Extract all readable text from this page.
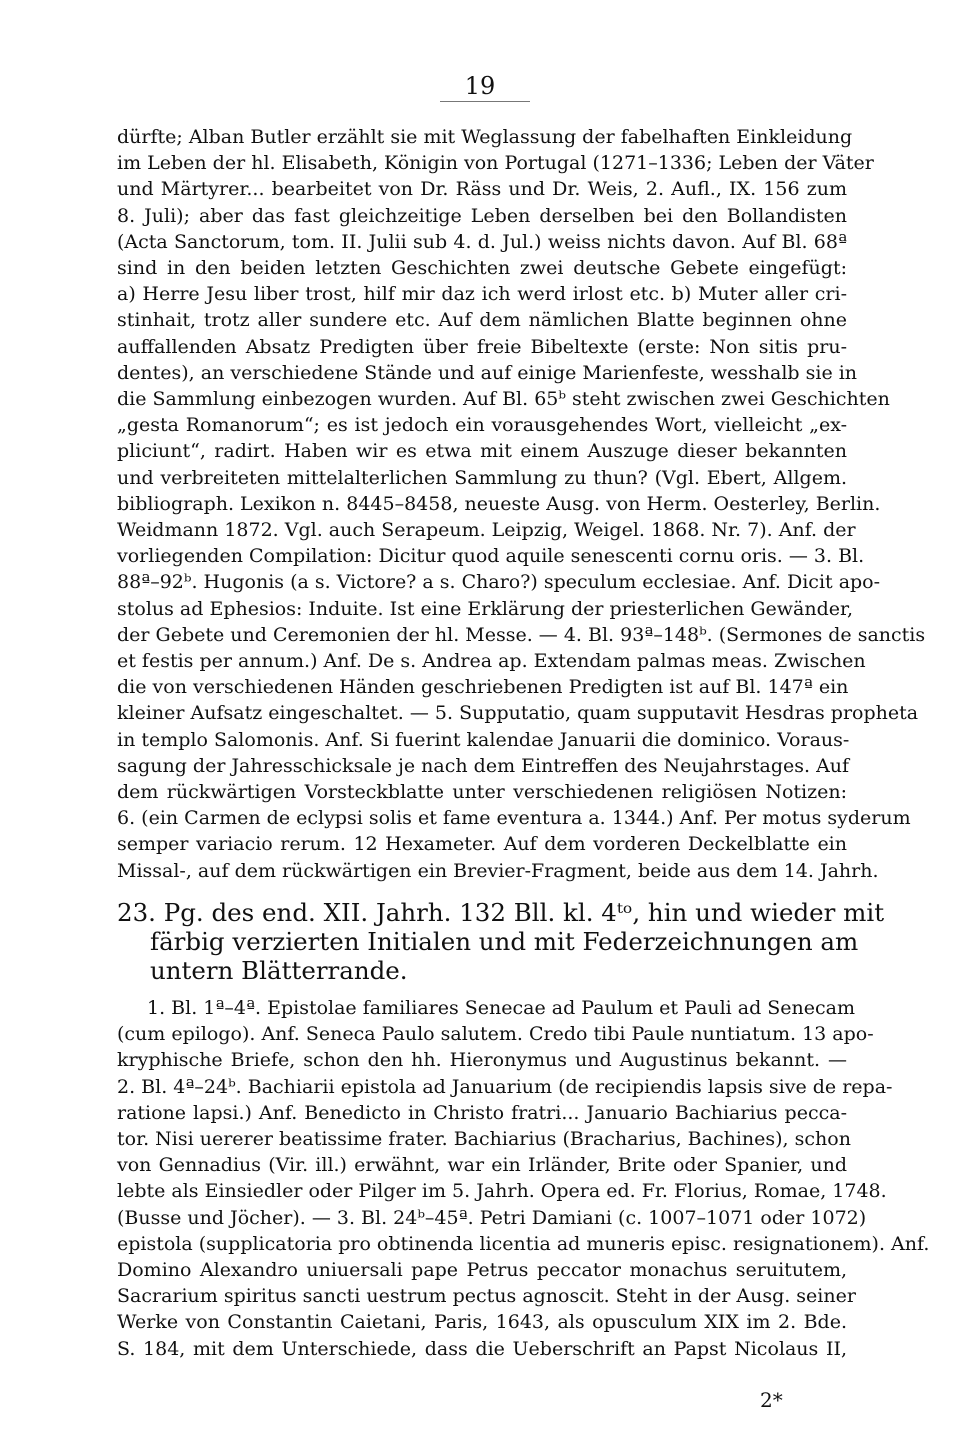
19
dürfte; Alban Butler erzählt sie mit Weglassung der fabelhaften Einkleidung
im Leben der hl. Elisabeth, Königin von Portugal (1271–1336; Leben der Väter
und Märtyrer... bearbeitet von Dr. Räss und Dr. Weis, 2. Aufl., IX. 156 zum
8. Juli); aber das fast gleichzeitige Leben derselben bei den Bollandisten
(Acta Sanctorum, tom. II. Julii sub 4. d. Jul.) weiss nichts davon. Auf Bl. 68ª
sind in den beiden letzten Geschichten zwei deutsche Gebete eingefügt:
a) Herre Jesu liber trost, hilf mir daz ich werd irlost etc. b) Muter aller cri-
stinhait, trotz aller sundere etc. Auf dem nämlichen Blatte beginnen ohne
auffallenden Absatz Predigten über freie Bibeltexte (erste: Non sitis pru-
dentes), an verschiedene Stände und auf einige Marienfeste, wesshalb sie in
die Sammlung einbezogen wurden. Auf Bl. 65ᵇ steht zwischen zwei Geschichten
„gesta Romanorum“; es ist jedoch ein vorausgehendes Wort, vielleicht „ex-
pliciunt“, radirt. Haben wir es etwa mit einem Auszuge dieser bekannten
und verbreiteten mittelalterlichen Sammlung zu thun? (Vgl. Ebert, Allgem.
bibliograph. Lexikon n. 8445–8458, neueste Ausg. von Herm. Oesterley, Berlin.
Weidmann 1872. Vgl. auch Serapeum. Leipzig, Weigel. 1868. Nr. 7). Anf. der
vorliegenden Compilation: Dicitur quod aquile senescenti cornu oris. — 3. Bl.
88ª–92ᵇ. Hugonis (a s. Victore? a s. Charo?) speculum ecclesiae. Anf. Dicit apo-
stolus ad Ephesios: Induite. Ist eine Erklärung der priesterlichen Gewänder,
der Gebete und Ceremonien der hl. Messe. — 4. Bl. 93ª–148ᵇ. (Sermones de sanctis
et festis per annum.) Anf. De s. Andrea ap. Extendam palmas meas. Zwischen
die von verschiedenen Händen geschriebenen Predigten ist auf Bl. 147ª ein
kleiner Aufsatz eingeschaltet. — 5. Supputatio, quam supputavit Hesdras propheta
in templo Salomonis. Anf. Si fuerint kalendae Januarii die dominico. Voraus-
sagung der Jahresschicksale je nach dem Eintreffen des Neujahrstages. Auf
dem rückwärtigen Vorsteckblatte unter verschiedenen religiösen Notizen:
6. (ein Carmen de eclypsi solis et fame eventura a. 1344.) Anf. Per motus syderum
semper variacio rerum. 12 Hexameter. Auf dem vorderen Deckelblatte ein
Missal-, auf dem rückwärtigen ein Brevier-Fragment, beide aus dem 14. Jahrh.
23. Pg. des end. XII. Jahrh. 132 Bll. kl. 4ᵗᵒ, hin und wieder mit
färbig verzierten Initialen und mit Federzeichnungen am
untern Blätterrande.
1. Bl. 1ª–4ª. Epistolae familiares Senecae ad Paulum et Pauli ad Senecam
(cum epilogo). Anf. Seneca Paulo salutem. Credo tibi Paule nuntiatum. 13 apo-
kryphische Briefe, schon den hh. Hieronymus und Augustinus bekannt. —
2. Bl. 4ª–24ᵇ. Bachiarii epistola ad Januarium (de recipiendis lapsis sive de repa-
ratione lapsi.) Anf. Benedicto in Christo fratri... Januario Bachiarius pecca-
tor. Nisi uererer beatissime frater. Bachiarius (Bracharius, Bachines), schon
von Gennadius (Vir. ill.) erwähnt, war ein Irländer, Brite oder Spanier, und
lebte als Einsiedler oder Pilger im 5. Jahrh. Opera ed. Fr. Florius, Romae, 1748.
(Busse und Jöcher). — 3. Bl. 24ᵇ–45ª. Petri Damiani (c. 1007–1071 oder 1072)
epistola (supplicatoria pro obtinenda licentia ad muneris episc. resignationem). Anf.
Domino Alexandro uniuersali pape Petrus peccator monachus seruitutem,
Sacrarium spiritus sancti uestrum pectus agnoscit. Steht in der Ausg. seiner
Werke von Constantin Caietani, Paris, 1643, als opusculum XIX im 2. Bde.
S. 184, mit dem Unterschiede, dass die Ueberschrift an Papst Nicolaus II,
2*
